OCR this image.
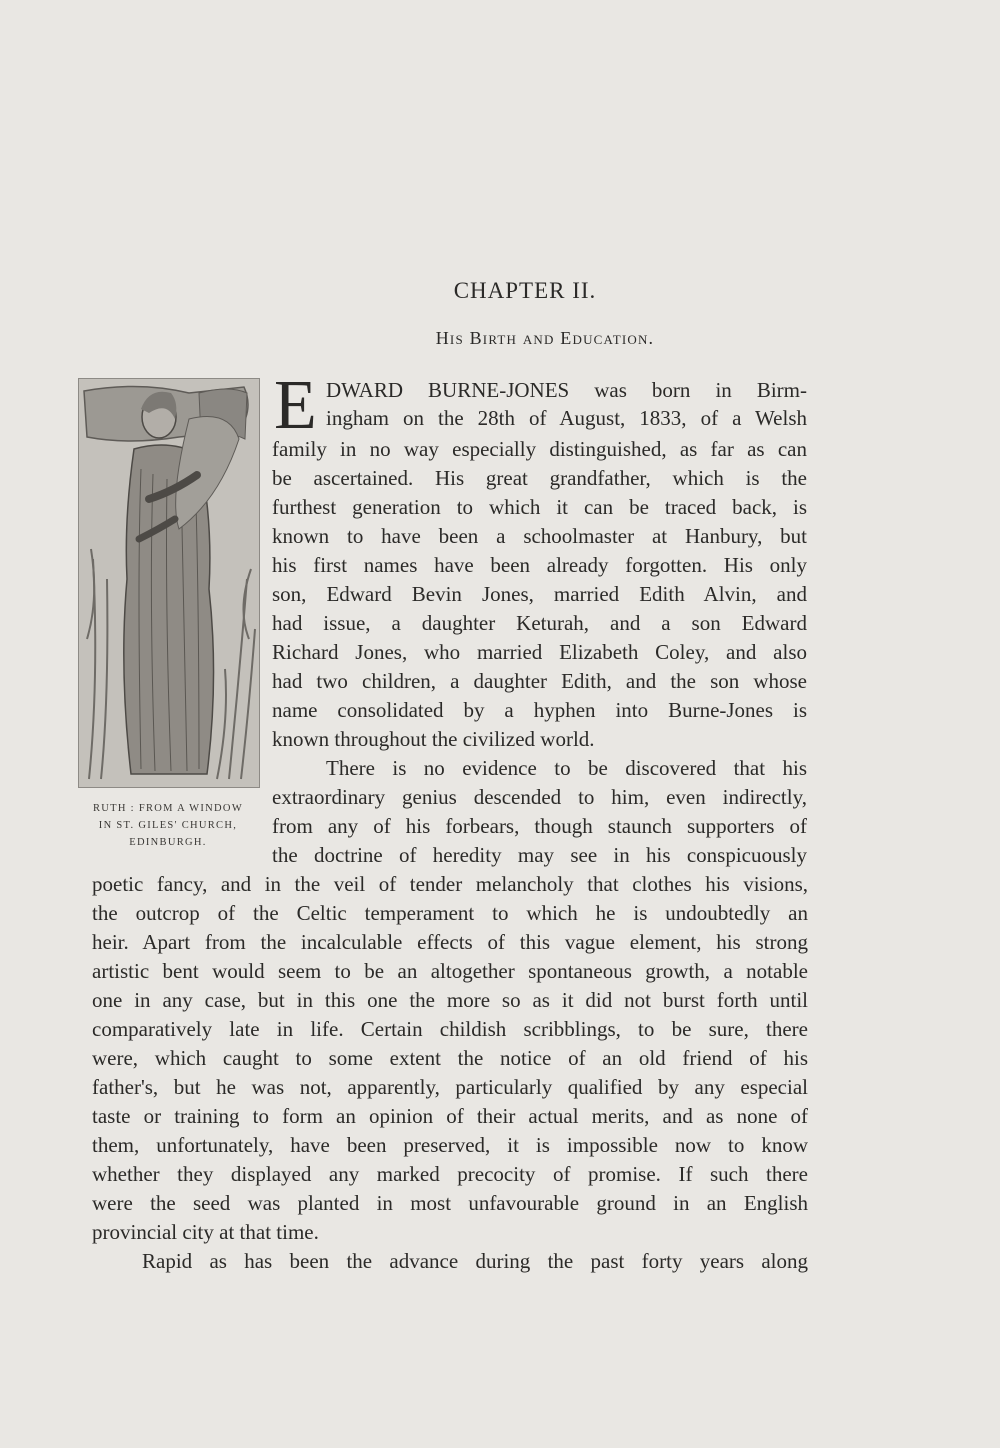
CHAPTER II.
His Birth and Education.
RUTH : FROM A WINDOW
IN ST. GILES' CHURCH,
EDINBURGH.
E DWARD BURNE-JONES was born in Birm-
ingham on the 28th of August, 1833, of a Welsh
family in no way especially distinguished, as far as can
be ascertained. His great grandfather, which is the
furthest generation to which it can be traced back, is
known to have been a schoolmaster at Hanbury, but
his first names have been already forgotten. His only
son, Edward Bevin Jones, married Edith Alvin, and
had issue, a daughter Keturah, and a son Edward
Richard Jones, who married Elizabeth Coley, and also
had two children, a daughter Edith, and the son whose
name consolidated by a hyphen into Burne-Jones is
known throughout the civilized world.
There is no evidence to be discovered that his
extraordinary genius descended to him, even indirectly,
from any of his forbears, though staunch supporters of
the doctrine of heredity may see in his conspicuously
poetic fancy, and in the veil of tender melancholy that clothes his visions,
the outcrop of the Celtic temperament to which he is undoubtedly an
heir. Apart from the incalculable effects of this vague element, his strong
artistic bent would seem to be an altogether spontaneous growth, a notable
one in any case, but in this one the more so as it did not burst forth until
comparatively late in life. Certain childish scribblings, to be sure, there
were, which caught to some extent the notice of an old friend of his
father's, but he was not, apparently, particularly qualified by any especial
taste or training to form an opinion of their actual merits, and as none of
them, unfortunately, have been preserved, it is impossible now to know
whether they displayed any marked precocity of promise. If such there
were the seed was planted in most unfavourable ground in an English
provincial city at that time.
Rapid as has been the advance during the past forty years along
